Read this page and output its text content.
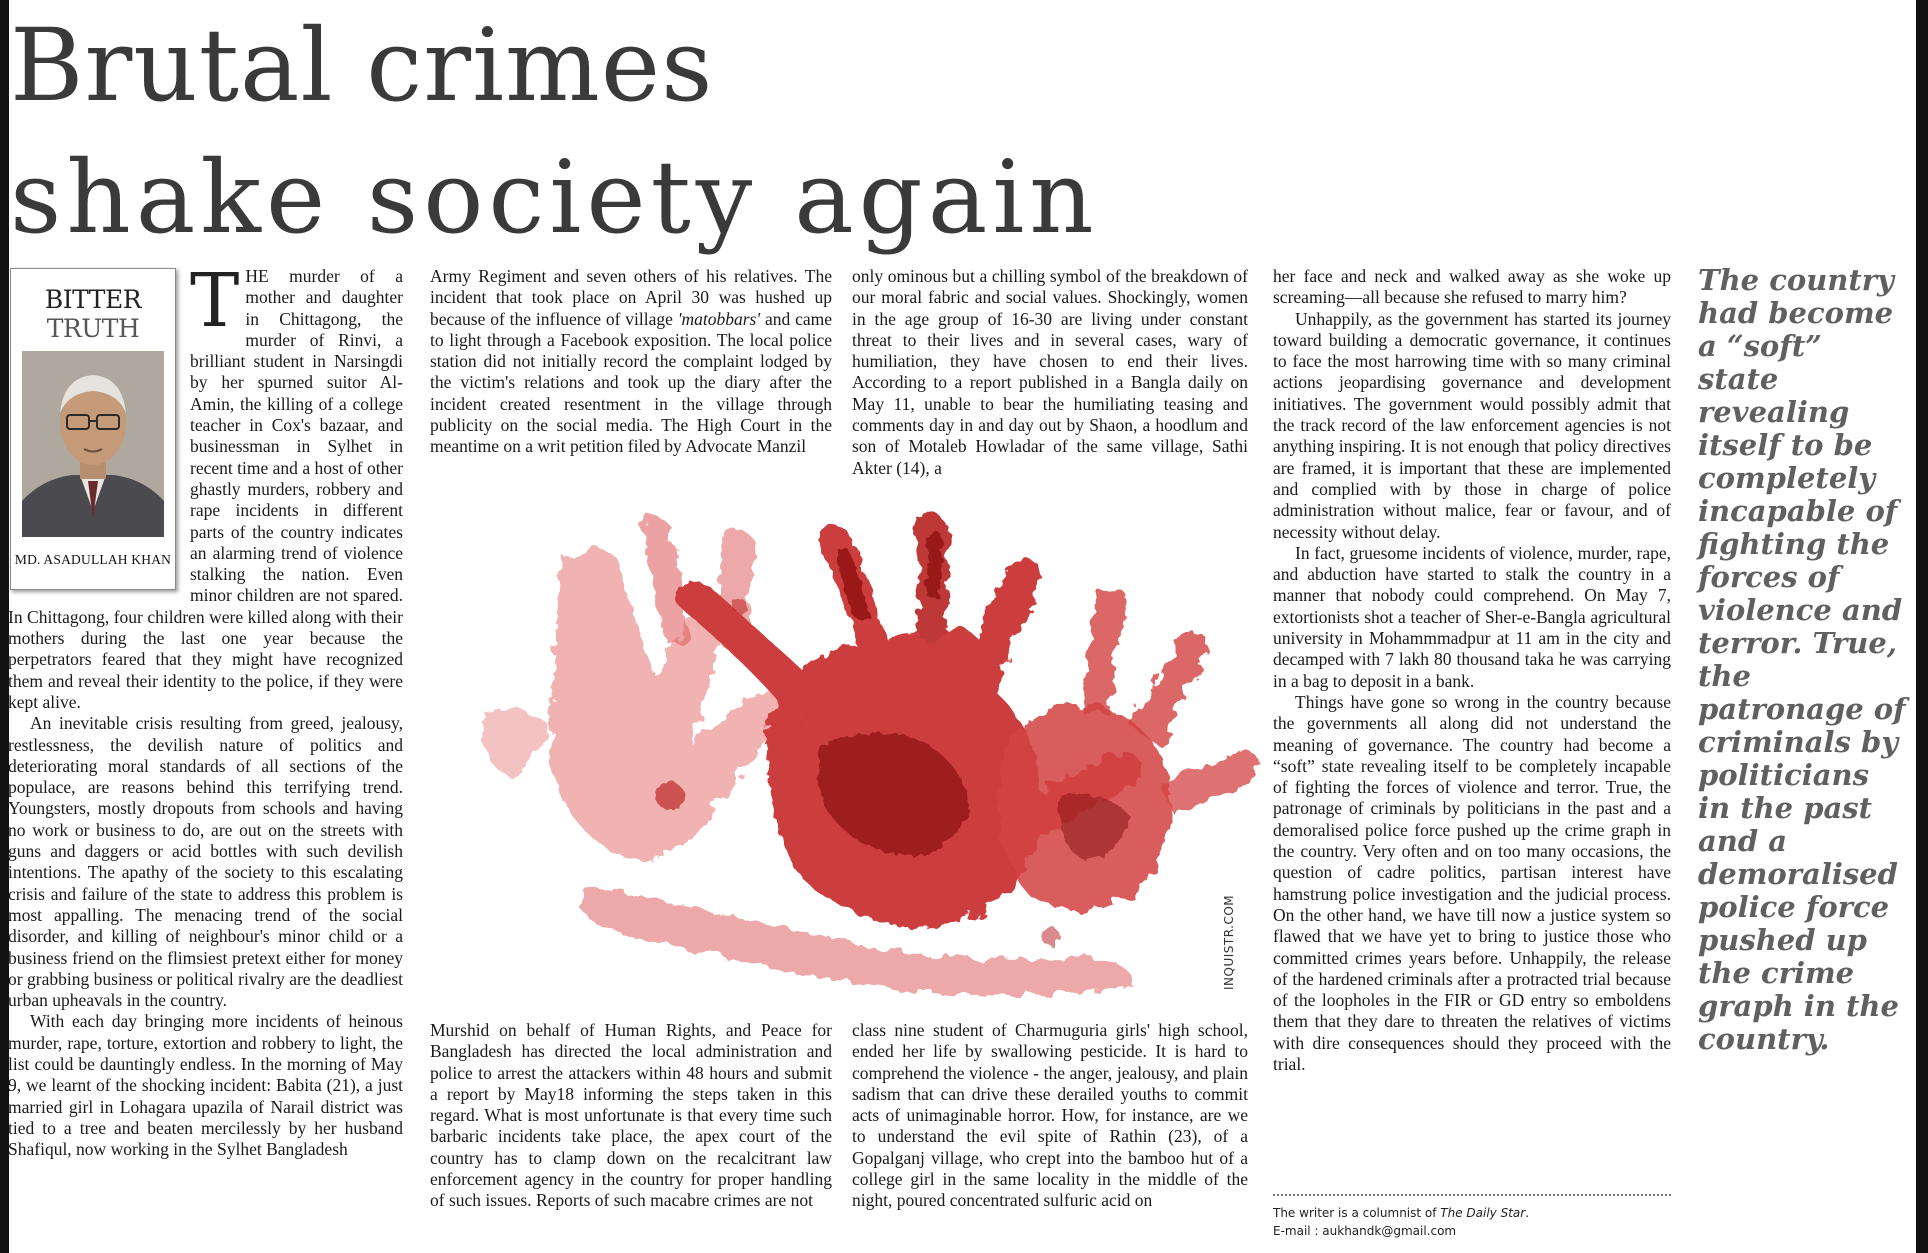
Brutal crimes
shake society again
BITTER
TRUTH
MD. ASADULLAH KHAN

THE murder of a mother and daughter in Chittagong, the murder of Rinvi, a brilliant student in Narsingdi by her spurned suitor Al-Amin, the killing of a college teacher in Cox's bazaar, and businessman in Sylhet in recent time and a host of other ghastly murders, robbery and rape incidents in different parts of the country indicates an alarming trend of violence stalking the nation. Even minor children are not spared. In Chittagong, four children were killed along with their mothers during the last one year because the perpetrators feared that they might have recognized them and reveal their identity to the police, if they were kept alive.

An inevitable crisis resulting from greed, jealousy, restlessness, the devilish nature of politics and deteriorating moral standards of all sections of the populace, are reasons behind this terrifying trend. Youngsters, mostly dropouts from schools and having no work or business to do, are out on the streets with guns and daggers or acid bottles with such devilish intentions. The apathy of the society to this escalating crisis and failure of the state to address this problem is most appalling. The menacing trend of the social disorder, and killing of neighbour's minor child or a business friend on the flimsiest pretext either for money or grabbing business or political rivalry are the deadliest urban upheavals in the country.

With each day bringing more incidents of heinous murder, rape, torture, extortion and robbery to light, the list could be dauntingly endless. In the morning of May 9, we learnt of the shocking incident: Babita (21), a just married girl in Lohagara upazila of Narail district was tied to a tree and beaten mercilessly by her husband Shafiqul, now working in the Sylhet Bangladesh

Army Regiment and seven others of his relatives. The incident that took place on April 30 was hushed up because of the influence of village 'matobbars' and came to light through a Facebook exposition. The local police station did not initially record the complaint lodged by the victim's relations and took up the diary after the incident created resentment in the village through publicity on the social media. The High Court in the meantime on a writ petition filed by Advocate Manzil

only ominous but a chilling symbol of the breakdown of our moral fabric and social values. Shockingly, women in the age group of 16-30 are living under constant threat to their lives and in several cases, wary of humiliation, they have chosen to end their lives. According to a report published in a Bangla daily on May 11, unable to bear the humiliating teasing and comments day in and day out by Shaon, a hoodlum and son of Motaleb Howladar of the same village, Sathi Akter (14), a

INQUISTR.COM

Murshid on behalf of Human Rights, and Peace for Bangladesh has directed the local administration and police to arrest the attackers within 48 hours and submit a report by May18 informing the steps taken in this regard. What is most unfortunate is that every time such barbaric incidents take place, the apex court of the country has to clamp down on the recalcitrant law enforcement agency in the country for proper handling of such issues. Reports of such macabre crimes are not

class nine student of Charmuguria girls' high school, ended her life by swallowing pesticide. It is hard to comprehend the violence - the anger, jealousy, and plain sadism that can drive these derailed youths to commit acts of unimaginable horror. How, for instance, are we to understand the evil spite of Rathin (23), of a Gopalganj village, who crept into the bamboo hut of a college girl in the same locality in the middle of the night, poured concentrated sulfuric acid on

her face and neck and walked away as she woke up screaming—all because she refused to marry him?

Unhappily, as the government has started its journey toward building a democratic governance, it continues to face the most harrowing time with so many criminal actions jeopardising governance and development initiatives. The government would possibly admit that the track record of the law enforcement agencies is not anything inspiring. It is not enough that policy directives are framed, it is important that these are implemented and complied with by those in charge of police administration without malice, fear or favour, and of necessity without delay.

In fact, gruesome incidents of violence, murder, rape, and abduction have started to stalk the country in a manner that nobody could comprehend. On May 7, extortionists shot a teacher of Sher-e-Bangla agricultural university in Mohammmadpur at 11 am in the city and decamped with 7 lakh 80 thousand taka he was carrying in a bag to deposit in a bank.

Things have gone so wrong in the country because the governments all along did not understand the meaning of governance. The country had become a “soft” state revealing itself to be completely incapable of fighting the forces of violence and terror. True, the patronage of criminals by politicians in the past and a demoralised police force pushed up the crime graph in the country. Very often and on too many occasions, the question of cadre politics, partisan interest have hamstrung police investigation and the judicial process. On the other hand, we have till now a justice system so flawed that we have yet to bring to justice those who committed crimes years before. Unhappily, the release of the hardened criminals after a protracted trial because of the loopholes in the FIR or GD entry so emboldens them that they dare to threaten the relatives of victims with dire consequences should they proceed with the trial.

The writer is a columnist of The Daily Star.
E-mail : aukhandk@gmail.com
The country had become a “soft” state revealing itself to be completely incapable of fighting the forces of violence and terror. True, the patronage of criminals by politicians in the past and a demoralised police force pushed up the crime graph in the country.
